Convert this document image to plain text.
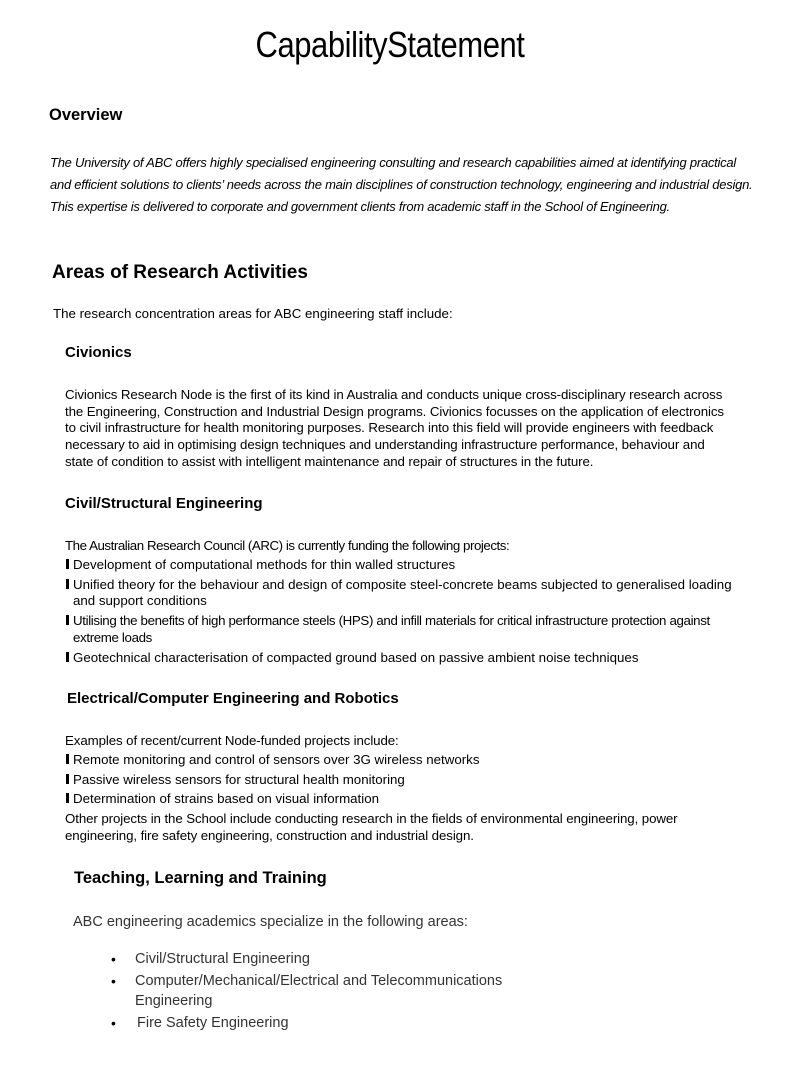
CapabilityStatement
Overview
The University of ABC offers highly specialised engineering consulting and research capabilities aimed at identifying practical and efficient solutions to clients’ needs across the main disciplines of construction technology, engineering and industrial design. This expertise is delivered to corporate and government clients from academic staff in the School of Engineering.
Areas of Research Activities
The research concentration areas for ABC engineering staff include:
Civionics
Civionics Research Node is the first of its kind in Australia and conducts unique cross-disciplinary research across the Engineering, Construction and Industrial Design programs. Civionics focusses on the application of electronics to civil infrastructure for health monitoring purposes. Research into this field will provide engineers with feedback necessary to aid in optimising design techniques and understanding infrastructure performance, behaviour and state of condition to assist with intelligent maintenance and repair of structures in the future.
Civil/Structural Engineering
The Australian Research Council (ARC) is currently funding the following projects:
Development of computational methods for thin walled structures
Unified theory for the behaviour and design of composite steel-concrete beams subjected to generalised loading and support conditions
Utilising the benefits of high performance steels (HPS) and infill materials for critical infrastructure protection against extreme loads
Geotechnical characterisation of compacted ground based on passive ambient noise techniques
Electrical/Computer Engineering and Robotics
Examples of recent/current Node-funded projects include:
Remote monitoring and control of sensors over 3G wireless networks
Passive wireless sensors for structural health monitoring
Determination of strains based on visual information
Other projects in the School include conducting research in the fields of environmental engineering, power engineering, fire safety engineering, construction and industrial design.
Teaching, Learning and Training
ABC engineering academics specialize in the following areas:
• Civil/Structural Engineering
• Computer/Mechanical/Electrical and Telecommunications Engineering
• Fire Safety Engineering
